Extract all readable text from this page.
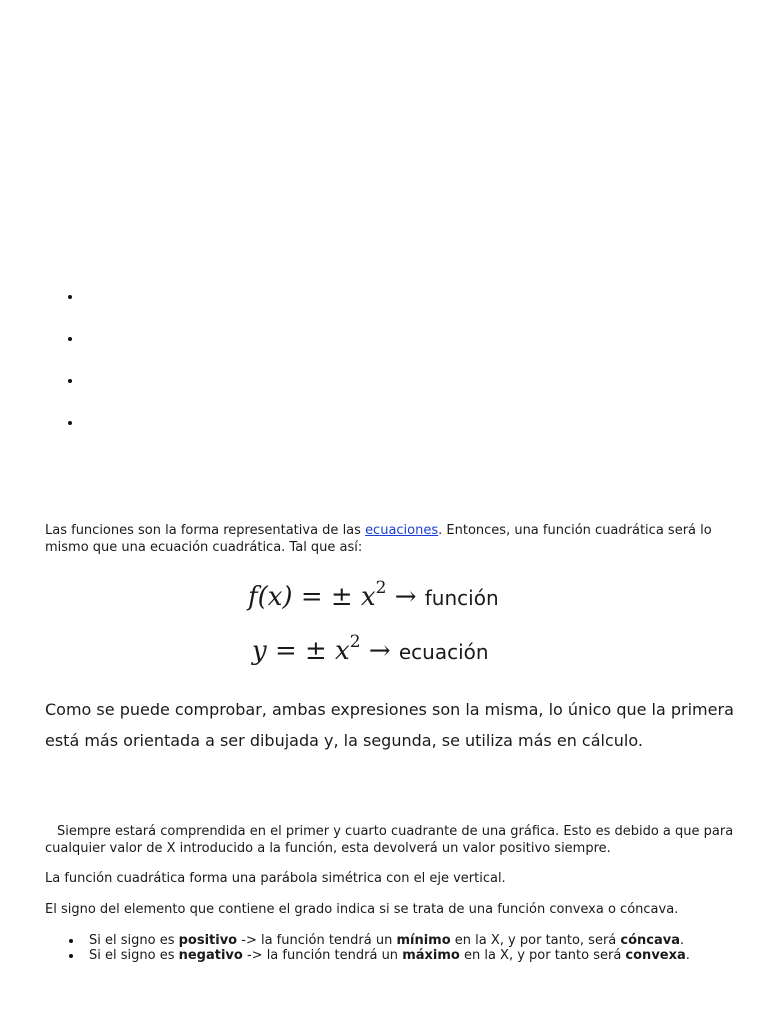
Las funciones son la forma representativa de las ecuaciones. Entonces, una función cuadrática será lo mismo que una ecuación cuadrática. Tal que así:

f(x) = ± $x^2$ → función
y = ± $x^2$ → ecuación

Como se puede comprobar, ambas expresiones son la misma, lo único que la primera está más orientada a ser dibujada y, la segunda, se utiliza más en cálculo.

Siempre estará comprendida en el primer y cuarto cuadrante de una gráfica. Esto es debido a que para cualquier valor de X introducido a la función, esta devolverá un valor positivo siempre.

La función cuadrática forma una parábola simétrica con el eje vertical.

El signo del elemento que contiene el grado indica si se trata de una función convexa o cóncava.

Si el signo es positivo -> la función tendrá un mínimo en la X, y por tanto, será cóncava.
Si el signo es negativo -> la función tendrá un máximo en la X, y por tanto será convexa.
